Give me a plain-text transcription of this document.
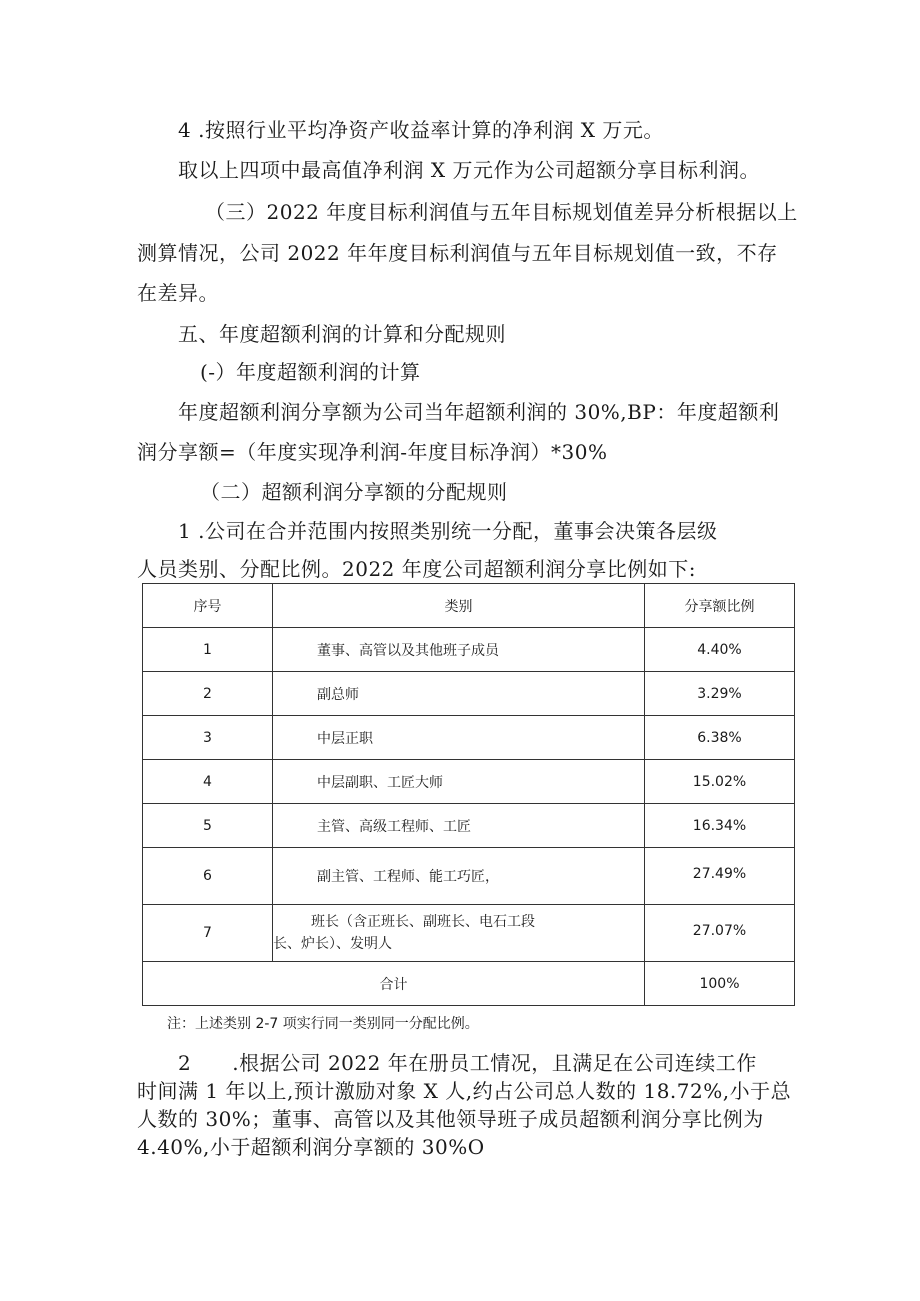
4 .按照行业平均净资产收益率计算的净利润 X 万元。
取以上四项中最高值净利润 X 万元作为公司超额分享目标利润。
（三）2022 年度目标利润值与五年目标规划值差异分析根据以上
测算情况，公司 2022 年年度目标利润值与五年目标规划值一致，不存
在差异。
五、年度超额利润的计算和分配规则
(-）年度超额利润的计算
年度超额利润分享额为公司当年超额利润的 30%,BP：年度超额利
润分享额=（年度实现净利润-年度目标净润）*30%
（二）超额利润分享额的分配规则
1 .公司在合并范围内按照类别统一分配，董事会决策各层级
人员类别、分配比例。2022 年度公司超额利润分享比例如下:
序号	类别	分享额比例
1	董事、高管以及其他班子成员	4.40%
2	副总师	3.29%
3	中层正职	6.38%
4	中层副职、工匠大师	15.02%
5	主管、高级工程师、工匠	16.34%
6	副主管、工程师、能工巧匠，	27.49%
7	班长（含正班长、副班长、电石工段
长、炉长）、发明人	27.07%
合计		100%
注：上述类别 2-7 项实行同一类别同一分配比例。
2　　.根据公司 2022 年在册员工情况，且满足在公司连续工作
时间满 1 年以上,预计激励对象 X 人,约占公司总人数的 18.72%,小于总
人数的 30%；董事、高管以及其他领导班子成员超额利润分享比例为
4.40%,小于超额利润分享额的 30%O
